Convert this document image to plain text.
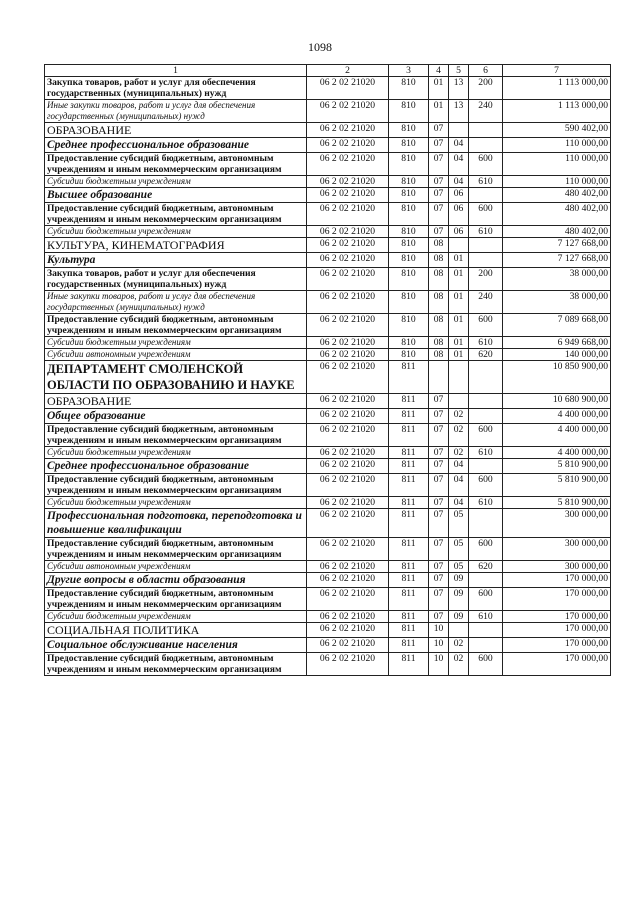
1098
1	2	3	4	5	6	7
Закупка товаров, работ и услуг для обеспечения государственных (муниципальных) нужд	06 2 02 21020	810	01	13	200	1 113 000,00
Иные закупки товаров, работ и услуг для обеспечения государственных (муниципальных) нужд	06 2 02 21020	810	01	13	240	1 113 000,00
ОБРАЗОВАНИЕ	06 2 02 21020	810	07			590 402,00
Среднее профессиональное образование	06 2 02 21020	810	07	04		110 000,00
Предоставление субсидий бюджетным, автономным учреждениям и иным некоммерческим организациям	06 2 02 21020	810	07	04	600	110 000,00
Субсидии бюджетным учреждениям	06 2 02 21020	810	07	04	610	110 000,00
Высшее образование	06 2 02 21020	810	07	06		480 402,00
Предоставление субсидий бюджетным, автономным учреждениям и иным некоммерческим организациям	06 2 02 21020	810	07	06	600	480 402,00
Субсидии бюджетным учреждениям	06 2 02 21020	810	07	06	610	480 402,00
КУЛЬТУРА, КИНЕМАТОГРАФИЯ	06 2 02 21020	810	08			7 127 668,00
Культура	06 2 02 21020	810	08	01		7 127 668,00
Закупка товаров, работ и услуг для обеспечения государственных (муниципальных) нужд	06 2 02 21020	810	08	01	200	38 000,00
Иные закупки товаров, работ и услуг для обеспечения государственных (муниципальных) нужд	06 2 02 21020	810	08	01	240	38 000,00
Предоставление субсидий бюджетным, автономным учреждениям и иным некоммерческим организациям	06 2 02 21020	810	08	01	600	7 089 668,00
Субсидии бюджетным учреждениям	06 2 02 21020	810	08	01	610	6 949 668,00
Субсидии автономным учреждениям	06 2 02 21020	810	08	01	620	140 000,00
ДЕПАРТАМЕНТ СМОЛЕНСКОЙ ОБЛАСТИ ПО ОБРАЗОВАНИЮ И НАУКЕ	06 2 02 21020	811				10 850 900,00
ОБРАЗОВАНИЕ	06 2 02 21020	811	07			10 680 900,00
Общее образование	06 2 02 21020	811	07	02		4 400 000,00
Предоставление субсидий бюджетным, автономным учреждениям и иным некоммерческим организациям	06 2 02 21020	811	07	02	600	4 400 000,00
Субсидии бюджетным учреждениям	06 2 02 21020	811	07	02	610	4 400 000,00
Среднее профессиональное образование	06 2 02 21020	811	07	04		5 810 900,00
Предоставление субсидий бюджетным, автономным учреждениям и иным некоммерческим организациям	06 2 02 21020	811	07	04	600	5 810 900,00
Субсидии бюджетным учреждениям	06 2 02 21020	811	07	04	610	5 810 900,00
Профессиональная подготовка, переподготовка и повышение квалификации	06 2 02 21020	811	07	05		300 000,00
Предоставление субсидий бюджетным, автономным учреждениям и иным некоммерческим организациям	06 2 02 21020	811	07	05	600	300 000,00
Субсидии автономным учреждениям	06 2 02 21020	811	07	05	620	300 000,00
Другие вопросы в области образования	06 2 02 21020	811	07	09		170 000,00
Предоставление субсидий бюджетным, автономным учреждениям и иным некоммерческим организациям	06 2 02 21020	811	07	09	600	170 000,00
Субсидии бюджетным учреждениям	06 2 02 21020	811	07	09	610	170 000,00
СОЦИАЛЬНАЯ ПОЛИТИКА	06 2 02 21020	811	10			170 000,00
Социальное обслуживание населения	06 2 02 21020	811	10	02		170 000,00
Предоставление субсидий бюджетным, автономным учреждениям и иным некоммерческим организациям	06 2 02 21020	811	10	02	600	170 000,00
